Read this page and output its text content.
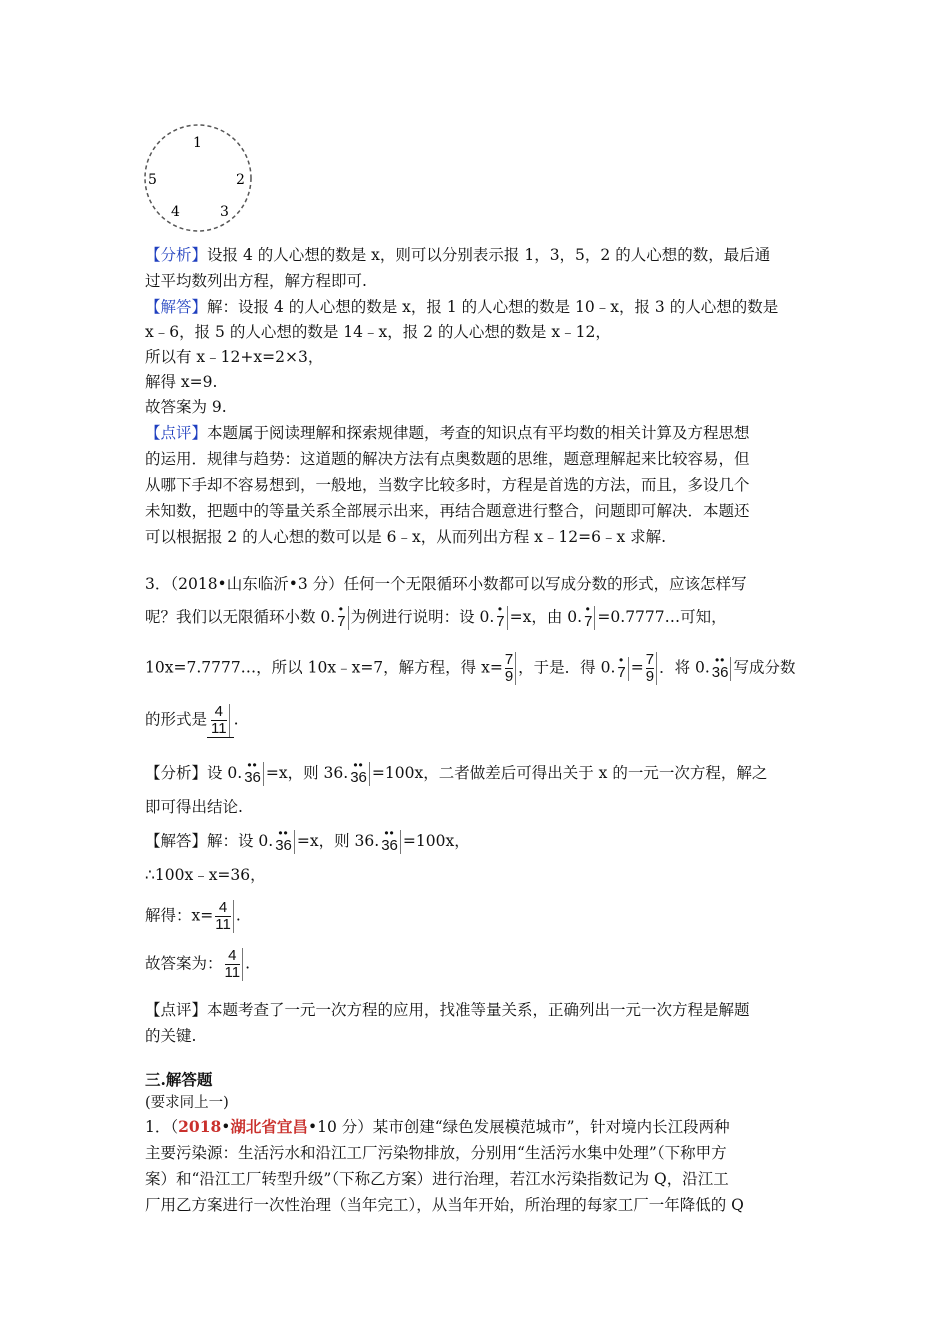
1
2
3
4
5
【分析】设报 4 的人心想的数是 x，则可以分别表示报 1，3，5，2 的人心想的数，最后通
过平均数列出方程，解方程即可.
【解答】解：设报 4 的人心想的数是 x，报 1 的人心想的数是 10﹣x，报 3 的人心想的数是
x﹣6，报 5 的人心想的数是 14﹣x，报 2 的人心想的数是 x﹣12，
所以有 x﹣12+x=2×3，
解得 x=9.
故答案为 9.
【点评】本题属于阅读理解和探索规律题，考查的知识点有平均数的相关计算及方程思想
的运用．规律与趋势：这道题的解决方法有点奥数题的思维，题意理解起来比较容易，但
从哪下手却不容易想到，一般地，当数字比较多时，方程是首选的方法，而且，多设几个
未知数，把题中的等量关系全部展示出来，再结合题意进行整合，问题即可解决．本题还
可以根据报 2 的人心想的数可以是 6﹣x，从而列出方程 x﹣12=6﹣x 求解.
3．（2018•山东临沂•3 分）任何一个无限循环小数都可以写成分数的形式，应该怎样写
呢？我们以无限循环小数 0. •
7 为例进行说明：设 0. •
7 =x，由 0. •
7 =0.7777…可知，
10x=7.7777…，所以 10x﹣x=7，解方程，得 $x= \frac{7}{9}$ ，于是．得 0. •
$7 = \frac{7}{9}$ ．将 0. ••
36 写成分数
的形式是 $\frac{4}{11}$ .
【分析】设 0. ••
36 =x，则 36. ••
36 =100x，二者做差后可得出关于 x 的一元一次方程，解之
即可得出结论.
【解答】解：设 0. ••
36 =x，则 36. ••
36 =100x，
∴100x﹣x=36，
解得：$x= \frac{4}{11}$ .
故答案为： $\frac{4}{11}$ .
【点评】本题考查了一元一次方程的应用，找准等量关系，正确列出一元一次方程是解题
的关键.
三.解答题
(要求同上一)
1．（2018•湖北省宜昌•10 分）某市创建“绿色发展模范城市”，针对境内长江段两种
主要污染源：生活污水和沿江工厂污染物排放，分别用“生活污水集中处理”（下称甲方
案）和“沿江工厂转型升级”（下称乙方案）进行治理，若江水污染指数记为 Q，沿江工
厂用乙方案进行一次性治理（当年完工），从当年开始，所治理的每家工厂一年降低的 Q
